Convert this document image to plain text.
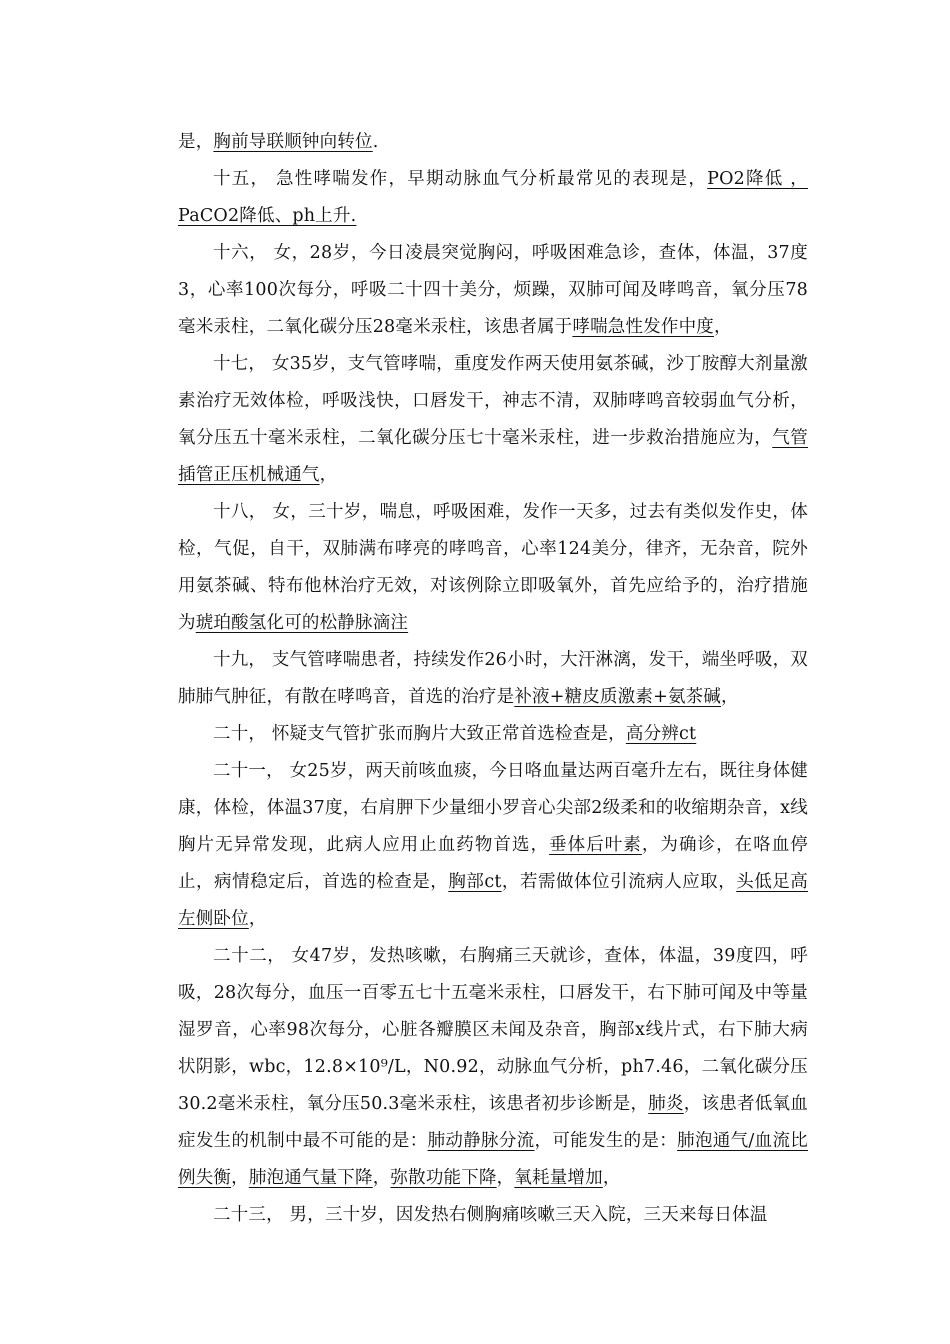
是，胸前导联顺钟向转位.

十五， 急性哮喘发作，早期动脉血气分析最常见的表现是，PO2降低 ，PaCO2降低、ph上升.

十六， 女，28岁，今日凌晨突觉胸闷，呼吸困难急诊，查体，体温，37度3，心率100次每分，呼吸二十四十美分，烦躁，双肺可闻及哮鸣音，氧分压78毫米汞柱，二氧化碳分压28毫米汞柱，该患者属于哮喘急性发作中度，

十七， 女35岁，支气管哮喘，重度发作两天使用氨茶碱，沙丁胺醇大剂量激素治疗无效体检，呼吸浅快，口唇发干，神志不清，双肺哮鸣音较弱血气分析，氧分压五十毫米汞柱，二氧化碳分压七十毫米汞柱，进一步救治措施应为，气管插管正压机械通气，

十八， 女，三十岁，喘息，呼吸困难，发作一天多，过去有类似发作史，体检，气促，自干，双肺满布哮亮的哮鸣音，心率124美分，律齐，无杂音，院外用氨茶碱、特布他林治疗无效，对该例除立即吸氧外，首先应给予的，治疗措施为琥珀酸氢化可的松静脉滴注

十九， 支气管哮喘患者，持续发作26小时，大汗淋漓，发干，端坐呼吸，双肺肺气肿征，有散在哮鸣音，首选的治疗是补液+糖皮质激素+氨茶碱，

二十， 怀疑支气管扩张而胸片大致正常首选检查是，高分辨ct

二十一， 女25岁，两天前咳血痰，今日咯血量达两百毫升左右，既往身体健康，体检，体温37度，右肩胛下少量细小罗音心尖部2级柔和的收缩期杂音，x线胸片无异常发现，此病人应用止血药物首选，垂体后叶素，为确诊，在咯血停止，病情稳定后，首选的检查是，胸部ct，若需做体位引流病人应取，头低足高左侧卧位，

二十二， 女47岁，发热咳嗽，右胸痛三天就诊，查体，体温，39度四，呼吸，28次每分，血压一百零五七十五毫米汞柱，口唇发干，右下肺可闻及中等量湿罗音，心率98次每分，心脏各瓣膜区未闻及杂音，胸部x线片式，右下肺大病状阴影，wbc，12.8×10⁹/L，N0.92，动脉血气分析，ph7.46，二氧化碳分压30.2毫米汞柱，氧分压50.3毫米汞柱，该患者初步诊断是，肺炎，该患者低氧血症发生的机制中最不可能的是：肺动静脉分流，可能发生的是：肺泡通气/血流比例失衡，肺泡通气量下降，弥散功能下降，氧耗量增加，

二十三， 男，三十岁，因发热右侧胸痛咳嗽三天入院，三天来每日体温
